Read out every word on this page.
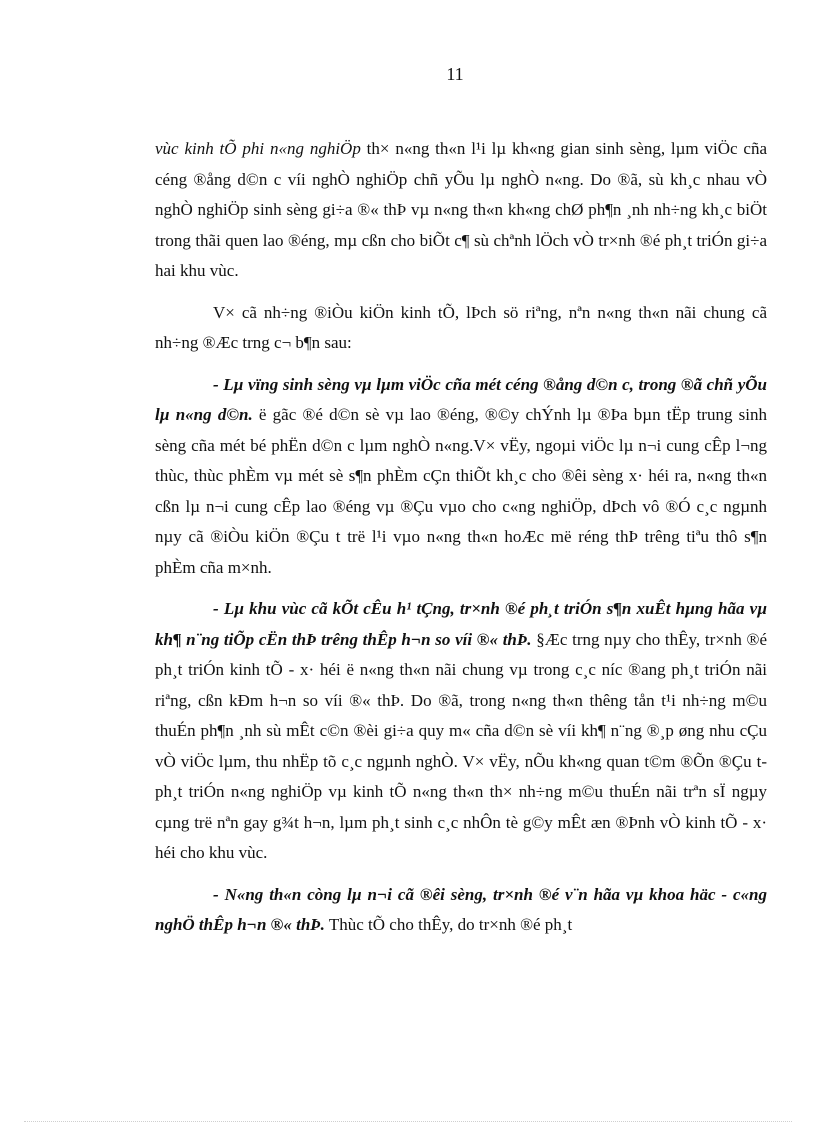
11

vùc kinh tÕ phi n«ng nghiÖp th× n«ng th«n l¹i lµ kh«ng gian sinh sèng, lµm viÖc cña céng ®ång d©n c víi nghÒ nghiÖp chñ yÕu lµ nghÒ n«ng. Do ®ã, sù kh¸c nhau vÒ nghÒ nghiÖp sinh sèng gi÷a ®« thÞ vµ n«ng th«n kh«ng chØ ph¶n ¸nh nh÷ng kh¸c biÖt trong thãi quen lao ®éng, mµ cßn cho biÕt c¶ sù chªnh lÖch vÒ tr×nh ®é ph¸t triÓn gi÷a hai khu vùc.

V× cã nh÷ng ®iÒu kiÖn kinh tÕ, lÞch sö riªng, nªn n«ng th«n nãi chung cã nh÷ng ®Æc trng c¬ b¶n sau:

- Lµ vïng sinh sèng vµ lµm viÖc cña mét céng ®ång d©n c, trong ®ã chñ yÕu lµ n«ng d©n. ë gãc ®é d©n sè vµ lao ®éng, ®©y chÝnh lµ ®Þa bµn tËp trung sinh sèng cña mét bé phËn d©n c lµm nghÒ n«ng.V× vËy, ngoµi viÖc lµ n¬i cung cÊp l¬ng thùc, thùc phÈm vµ mét sè s¶n phÈm cÇn thiÕt kh¸c cho ®êi sèng x· héi ra, n«ng th«n cßn lµ n¬i cung cÊp lao ®éng vµ ®Çu vµo cho c«ng nghiÖp, dÞch vô ®Ó c¸c ngµnh nµy cã ®iÒu kiÖn ®Çu t trë l¹i vµo n«ng th«n hoÆc më réng thÞ trêng tiªu thô s¶n phÈm cña m×nh.

- Lµ khu vùc cã kÕt cÊu h¹ tÇng, tr×nh ®é ph¸t triÓn s¶n xuÊt hµng hãa vµ kh¶ n¨ng tiÕp cËn thÞ trêng thÊp h¬n so víi ®« thÞ. §Æc trng nµy cho thÊy, tr×nh ®é ph¸t triÓn kinh tÕ - x· héi ë n«ng th«n nãi chung vµ trong c¸c níc ®ang ph¸t triÓn nãi riªng, cßn kÐm h¬n so víi ®« thÞ. Do ®ã, trong n«ng th«n thêng tån t¹i nh÷ng m©u thuÉn ph¶n ¸nh sù mÊt c©n ®èi gi÷a quy m« cña d©n sè víi kh¶ n¨ng ®¸p øng nhu cÇu vÒ viÖc lµm, thu nhËp tõ c¸c ngµnh nghÒ. V× vËy, nÕu kh«ng quan t©m ®Õn ®Çu t ph¸t triÓn n«ng nghiÖp vµ kinh tÕ n«ng th«n th× nh÷ng m©u thuÉn nãi trªn sÏ ngµy cµng trë nªn gay g¾t h¬n, lµm ph¸t sinh c¸c nhÔn tè g©y mÊt æn ®Þnh vÒ kinh tÕ - x· héi cho khu vùc.

- N«ng th«n còng lµ n¬i cã ®êi sèng, tr×nh ®é v¨n hãa vµ khoa häc - c«ng nghÖ thÊp h¬n ®« thÞ. Thùc tÕ cho thÊy, do tr×nh ®é ph¸t
